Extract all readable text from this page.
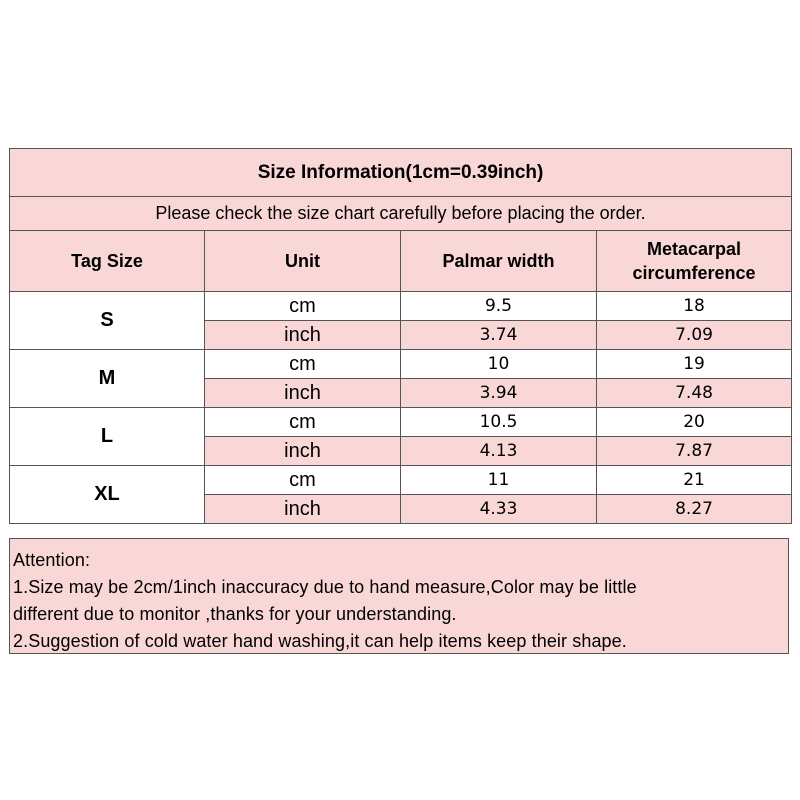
Size Information(1cm=0.39inch)			
Please check the size chart carefully before placing the order.			
Tag Size	Unit	Palmar width	Metacarpal
circumference

S	cm	9.5	18
	inch	3.74	7.09
M	cm	10	19
	inch	3.94	7.48
L	cm	10.5	20
	inch	4.13	7.87
XL	cm	11	21
	inch	4.33	8.27
Attention:
1.Size may be 2cm/1inch inaccuracy due to hand measure,Color may be little
different due to monitor ,thanks for your understanding.
2.Suggestion of cold water hand washing,it can help items keep their shape.
